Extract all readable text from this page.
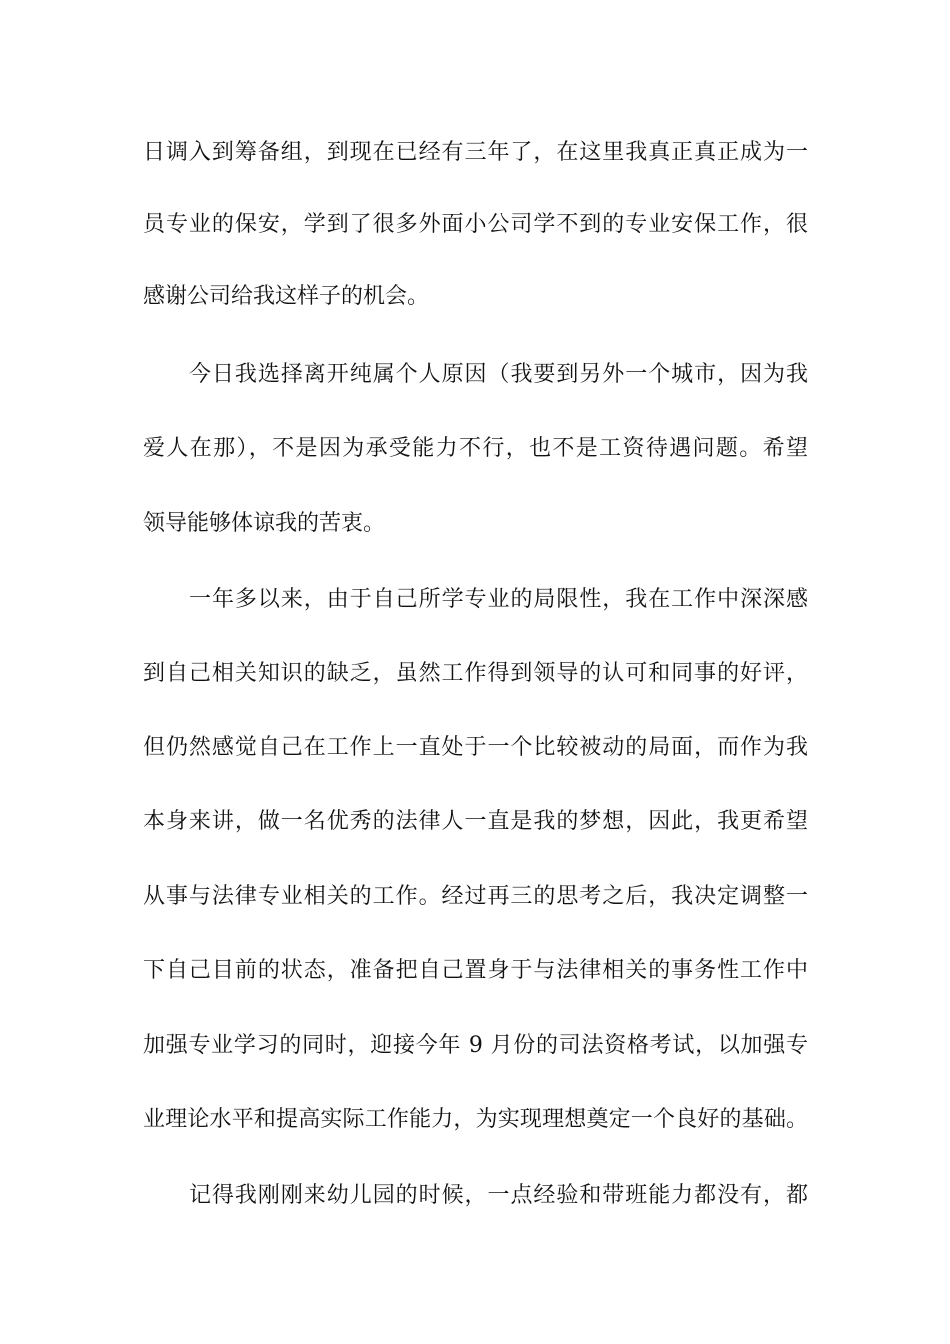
日调入到筹备组，到现在已经有三年了，在这里我真正真正成为一
员专业的保安，学到了很多外面小公司学不到的专业安保工作，很
感谢公司给我这样子的机会。
今日我选择离开纯属个人原因（我要到另外一个城市，因为我
爱人在那），不是因为承受能力不行，也不是工资待遇问题。希望
领导能够体谅我的苦衷。
一年多以来，由于自己所学专业的局限性，我在工作中深深感
到自己相关知识的缺乏，虽然工作得到领导的认可和同事的好评，
但仍然感觉自己在工作上一直处于一个比较被动的局面，而作为我
本身来讲，做一名优秀的法律人一直是我的梦想，因此，我更希望
从事与法律专业相关的工作。经过再三的思考之后，我决定调整一
下自己目前的状态，准备把自己置身于与法律相关的事务性工作中
加强专业学习的同时，迎接今年 9 月份的司法资格考试，以加强专
业理论水平和提高实际工作能力，为实现理想奠定一个良好的基础。
记得我刚刚来幼儿园的时候，一点经验和带班能力都没有，都
